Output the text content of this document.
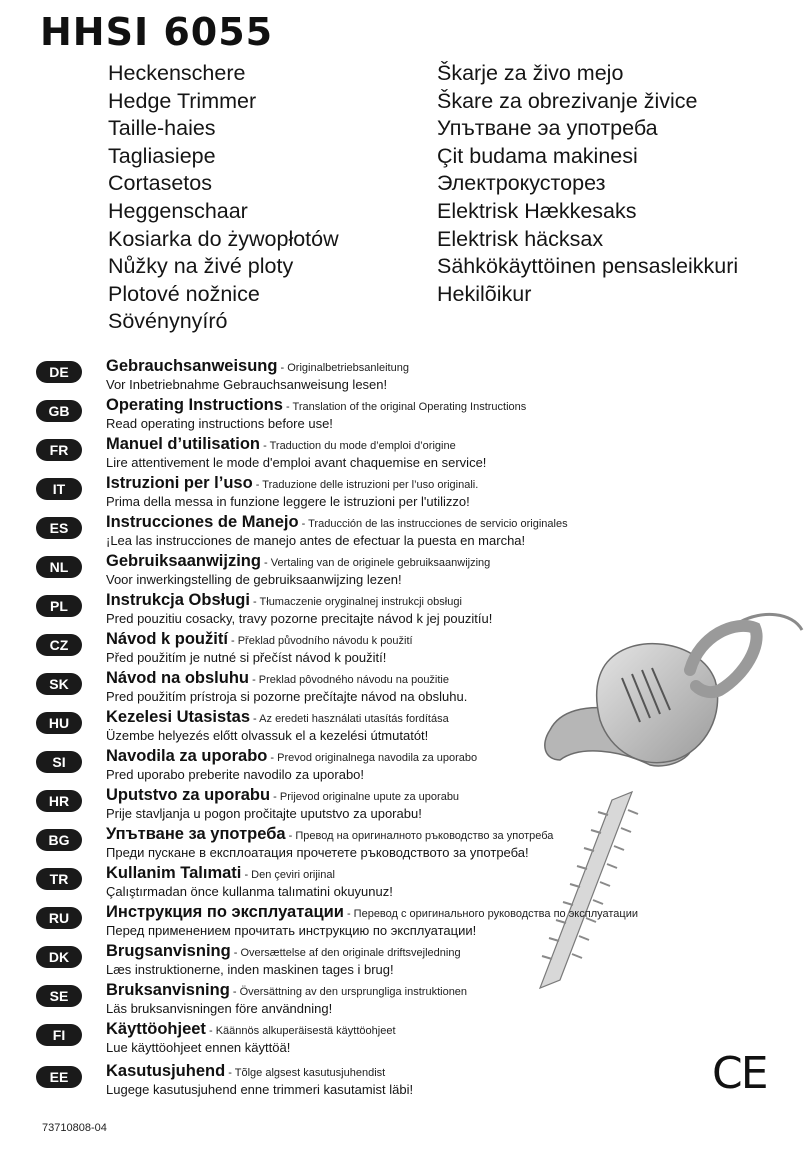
HHSI 6055
Heckenschere
Hedge Trimmer
Taille-haies
Tagliasiepe
Cortasetos
Heggenschaar
Kosiarka do żywopłotów
Nůžky na živé ploty
Plotové nožnice
Sövénynyíró
Škarje za živo mejo
Škare za obrezivanje živice
Упътване эа употреба
Çit budama makinesi
Электрокусторез
Elektrisk Hækkesaks
Elektrisk häcksax
Sähkökäyttöinen pensasleikkuri
Hekilõikur
DE	Gebrauchsanweisung - Originalbetriebsanleitung
Vor Inbetriebnahme Gebrauchsanweisung lesen!
GB	Operating Instructions - Translation of the original Operating Instructions
Read operating instructions before use!
FR	Manuel d’utilisation - Traduction du mode d’emploi d’origine
Lire attentivement le mode d'emploi avant chaquemise en service!
IT	Istruzioni per l’uso - Traduzione delle istruzioni per l’uso originali.
Prima della messa in funzione leggere le istruzioni per l'utilizzo!
ES	Instrucciones de Manejo - Traducción de las instrucciones de servicio originales
¡Lea las instrucciones de manejo antes de efectuar la puesta en marcha!
NL	Gebruiksaanwijzing - Vertaling van de originele gebruiksaanwijzing
Voor inwerkingstelling de gebruiksaanwijzing lezen!
PL	Instrukcja Obsługi - Tłumaczenie oryginalnej instrukcji obsługi
Pred pouzitiu cosacky, travy pozorne precitajte návod k jej pouzitíu!
CZ	Návod k použití - Překlad původního návodu k použití
Před použitím je nutné si přečíst návod k použití!
SK	Návod na obsluhu - Preklad pôvodného návodu na použitie
Pred použitím prístroja si pozorne prečítajte návod na obsluhu.
HU	Kezelesi Utasistas - Az eredeti használati utasítás fordítása
Üzembe helyezés előtt olvassuk el a kezelési útmutatót!
SI	Navodila za uporabo - Prevod originalnega navodila za uporabo
Pred uporabo preberite navodilo za uporabo!
HR	Uputstvo za uporabu - Prijevod originalne upute za uporabu
Prije stavljanja u pogon pročitajte uputstvo za uporabu!
BG	Упътване за употреба - Превод на оригиналното ръководство за употреба
Преди пускане в експлоатация прочетете ръководството за употреба!
TR	Kullanim Talımati - Den çeviri orijinal
Çalıştırmadan önce kullanma talımatini okuyunuz!
RU	Инструкция по эксплуатации - Перевод с оригинального руководства по эксплуатации
Перед применением прочитать инструкцию по эксплуатации!
DK	Brugsanvisning - Oversættelse af den originale driftsvejledning
Læs instruktionerne, inden maskinen tages i brug!
SE	Bruksanvisning - Översättning av den ursprungliga instruktionen
Läs bruksanvisningen före användning!
FI	Käyttöohjeet - Käännös alkuperäisestä käyttöohjeet
Lue käyttöohjeet ennen käyttöä!
EE	Kasutusjuhend - Tõlge algsest kasutusjuhendist
Lugege kasutusjuhend enne trimmeri kasutamist läbi!	CE
73710808-04
